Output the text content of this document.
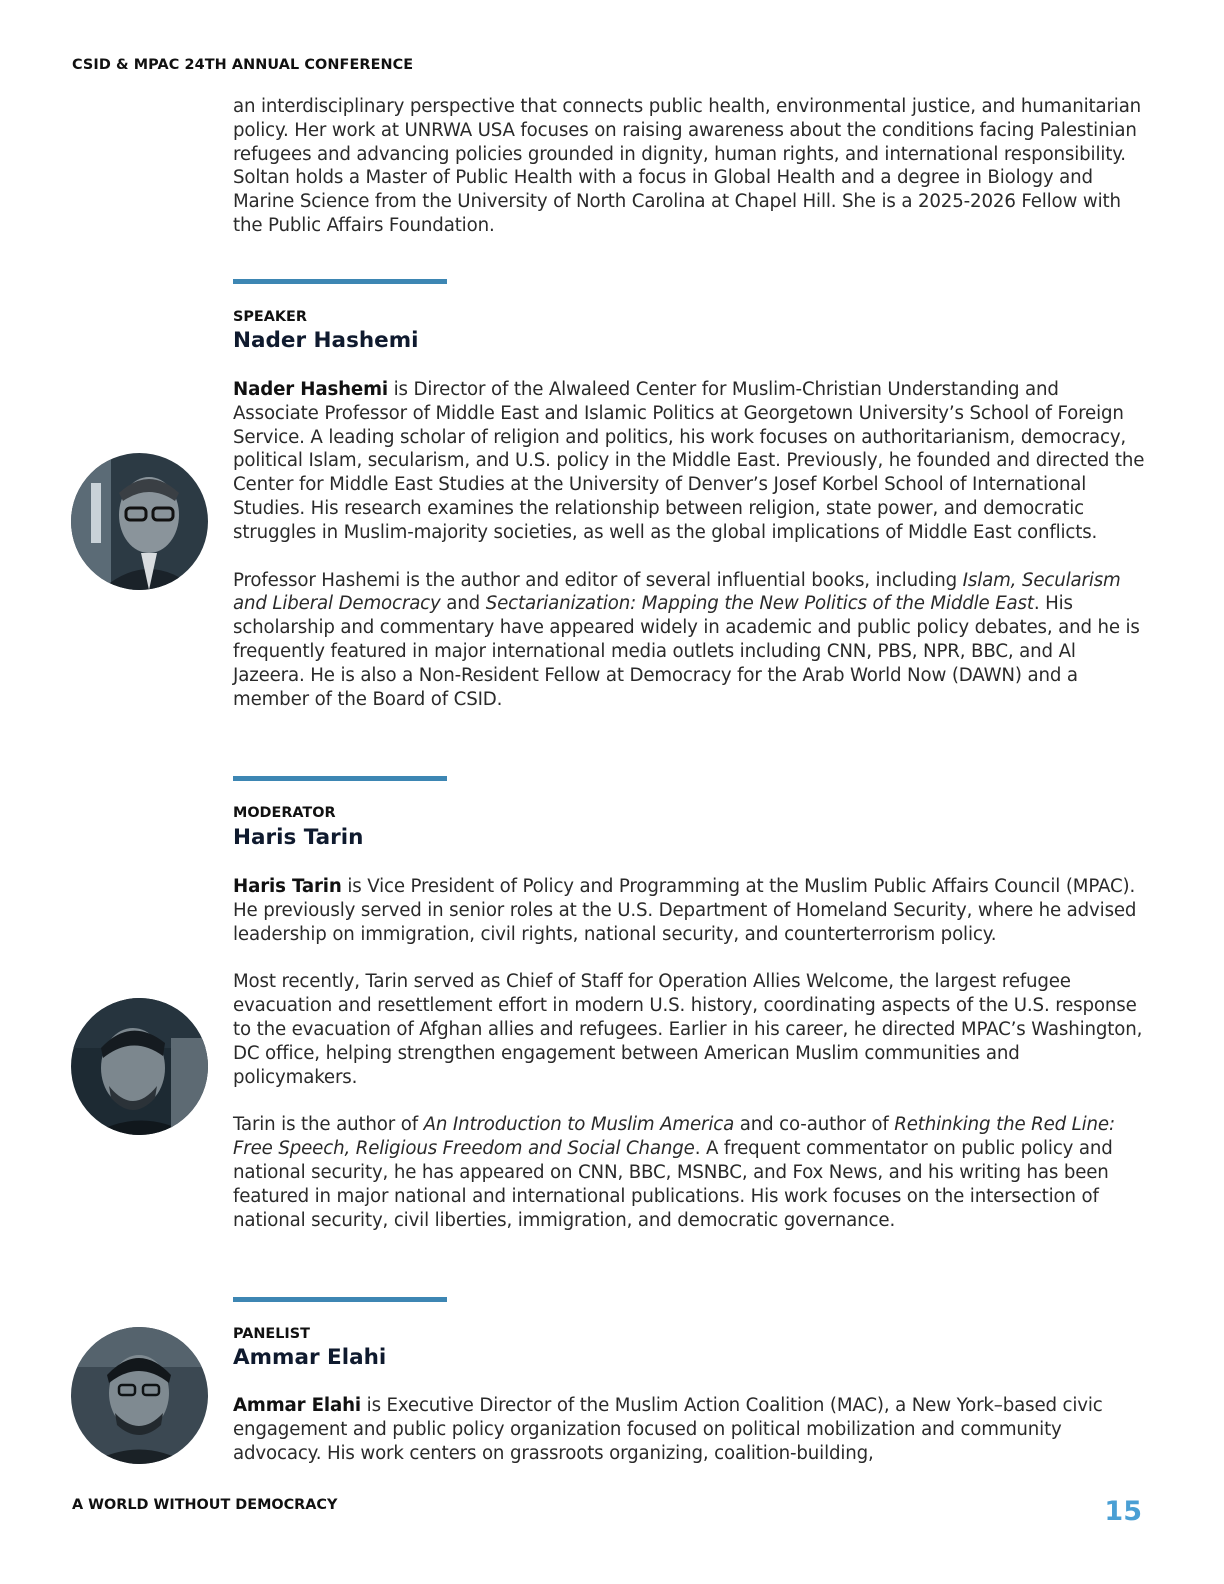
CSID & MPAC 24TH ANNUAL CONFERENCE

an interdisciplinary perspective that connects public health, environmental justice, and humanitarian policy. Her work at UNRWA USA focuses on raising awareness about the conditions facing Palestinian refugees and advancing policies grounded in dignity, human rights, and international responsibility. Soltan holds a Master of Public Health with a focus in Global Health and a degree in Biology and Marine Science from the University of North Carolina at Chapel Hill. She is a 2025-2026 Fellow with the Public Affairs Foundation.

SPEAKER
Nader Hashemi

Nader Hashemi is Director of the Alwaleed Center for Muslim-Christian Understanding and Associate Professor of Middle East and Islamic Politics at Georgetown University’s School of Foreign Service. A leading scholar of religion and politics, his work focuses on authoritarianism, democracy, political Islam, secularism, and U.S. policy in the Middle East. Previously, he founded and directed the Center for Middle East Studies at the University of Denver’s Josef Korbel School of International Studies. His research examines the relationship between religion, state power, and democratic struggles in Muslim-majority societies, as well as the global implications of Middle East conflicts.

Professor Hashemi is the author and editor of several influential books, including Islam, Secularism and Liberal Democracy and Sectarianization: Mapping the New Politics of the Middle East. His scholarship and commentary have appeared widely in academic and public policy debates, and he is frequently featured in major international media outlets including CNN, PBS, NPR, BBC, and Al Jazeera. He is also a Non-Resident Fellow at Democracy for the Arab World Now (DAWN) and a member of the Board of CSID.

MODERATOR
Haris Tarin

Haris Tarin is Vice President of Policy and Programming at the Muslim Public Affairs Council (MPAC). He previously served in senior roles at the U.S. Department of Homeland Security, where he advised leadership on immigration, civil rights, national security, and counterterrorism policy.

Most recently, Tarin served as Chief of Staff for Operation Allies Welcome, the largest refugee evacuation and resettlement effort in modern U.S. history, coordinating aspects of the U.S. response to the evacuation of Afghan allies and refugees. Earlier in his career, he directed MPAC’s Washington, DC office, helping strengthen engagement between American Muslim communities and policymakers.

Tarin is the author of An Introduction to Muslim America and co-author of Rethinking the Red Line: Free Speech, Religious Freedom and Social Change. A frequent commentator on public policy and national security, he has appeared on CNN, BBC, MSNBC, and Fox News, and his writing has been featured in major national and international publications. His work focuses on the intersection of national security, civil liberties, immigration, and democratic governance.

PANELIST
Ammar Elahi

Ammar Elahi is Executive Director of the Muslim Action Coalition (MAC), a New York–based civic engagement and public policy organization focused on political mobilization and community advocacy. His work centers on grassroots organizing, coalition-building,

A WORLD WITHOUT DEMOCRACY	15
